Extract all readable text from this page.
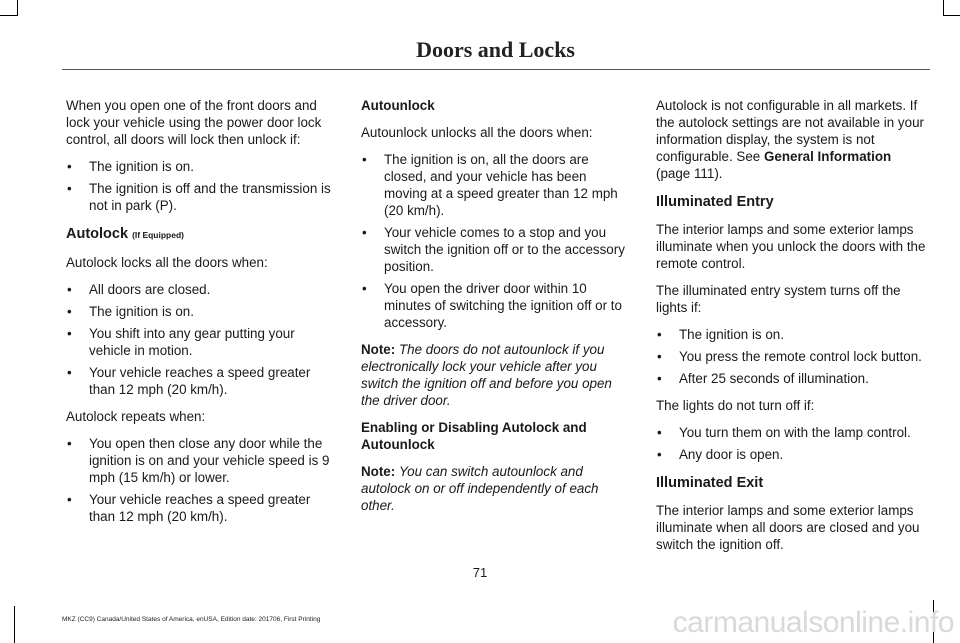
Doors and Locks

When you open one of the front doors and lock your vehicle using the power door lock control, all doors will lock then unlock if:

• The ignition is on.
• The ignition is off and the transmission is not in park (P).
Autolock (If Equipped)

Autolock locks all the doors when:

• All doors are closed.
• The ignition is on.
• You shift into any gear putting your vehicle in motion.
• Your vehicle reaches a speed greater than 12 mph (20 km/h).

Autolock repeats when:

• You open then close any door while the ignition is on and your vehicle speed is 9 mph (15 km/h) or lower.
• Your vehicle reaches a speed greater than 12 mph (20 km/h).
Autounlock

Autounlock unlocks all the doors when:

• The ignition is on, all the doors are closed, and your vehicle has been moving at a speed greater than 12 mph (20 km/h).
• Your vehicle comes to a stop and you switch the ignition off or to the accessory position.
• You open the driver door within 10 minutes of switching the ignition off or to accessory.

Note: The doors do not autounlock if you electronically lock your vehicle after you switch the ignition off and before you open the driver door.

Enabling or Disabling Autolock and Autounlock

Note: You can switch autounlock and autolock on or off independently of each other.

Autolock is not configurable in all markets. If the autolock settings are not available in your information display, the system is not configurable. See General Information (page 111).

Illuminated Entry

The interior lamps and some exterior lamps illuminate when you unlock the doors with the remote control.

The illuminated entry system turns off the lights if:

• The ignition is on.
• You press the remote control lock button.
• After 25 seconds of illumination.

The lights do not turn off if:

• You turn them on with the lamp control.
• Any door is open.
Illuminated Exit

The interior lamps and some exterior lamps illuminate when all doors are closed and you switch the ignition off.

71
MKZ (CC9) Canada/United States of America, enUSA, Edition date: 201706, First Printing	carmanualsonline.info
